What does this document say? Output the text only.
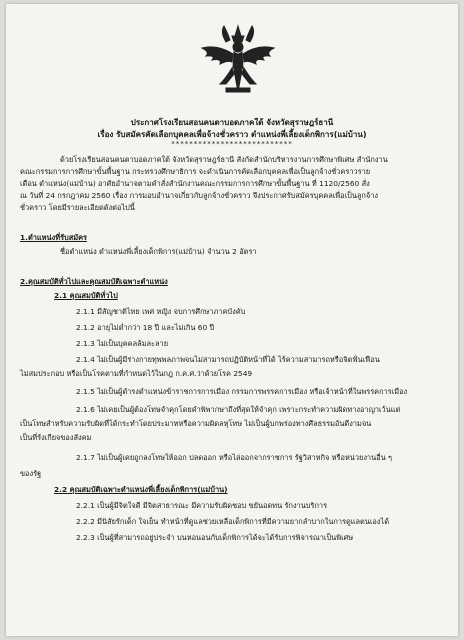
ประกาศโรงเรียนสอนคนตาบอดภาคใต้ จังหวัดสุราษฎร์ธานี
เรื่อง รับสมัครคัดเลือกบุคคลเพื่อจ้างชั่วคราว ตำแหน่งพี่เลี้ยงเด็กพิการ(แม่บ้าน)
***************************
ด้วยโรงเรียนสอนคนตาบอดภาคใต้ จังหวัดสุราษฎร์ธานี สังกัดสำนักบริหารงานการศึกษาพิเศษ สำนักงาน
คณะกรรมการการศึกษาขั้นพื้นฐาน กระทรวงศึกษาธิการ จะดำเนินการคัดเลือกบุคคลเพื่อเป็นลูกจ้างชั่วคราวราย
เดือน ตำแหน่ง(แม่บ้าน) อาศัยอำนาจตามคำสั่งสำนักงานคณะกรรมการการศึกษาขั้นพื้นฐาน ที่ 1120/2560 สั่ง
ณ วันที่ 24 กรกฎาคม 2560 เรื่อง การมอบอำนาจเกี่ยวกับลูกจ้างชั่วคราว จึงประกาศรับสมัครบุคคลเพื่อเป็นลูกจ้าง
ชั่วคราว โดยมีรายละเอียดดังต่อไปนี้
1.ตำแหน่งที่รับสมัคร
ชื่อตำแหน่ง ตำแหน่งพี่เลี้ยงเด็กพิการ(แม่บ้าน) จำนวน 2 อัตรา
2.คุณสมบัติทั่วไปและคุณสมบัติเฉพาะตำแหน่ง
2.1 คุณสมบัติทั่วไป
2.1.1 มีสัญชาติไทย เพศ หญิง จบการศึกษาภาคบังคับ
2.1.2 อายุไม่ต่ำกว่า 18 ปี และไม่เกิน 60 ปี
2.1.3 ไม่เป็นบุคคลล้มละลาย
2.1.4 ไม่เป็นผู้มีร่างกายทุพพลภาพจนไม่สามารถปฏิบัติหน้าที่ได้ ไร้ความสามารถหรือจิตฟั่นเฟือน
ไม่สมประกอบ หรือเป็นโรคตามที่กำหนดไว้ในกฎ ก.ค.ศ.ว่าด้วยโรค 2549
2.1.5 ไม่เป็นผู้ดำรงตำแหน่งข้าราชการการเมือง กรรมการพรรคการเมือง หรือเจ้าหน้าที่ในพรรคการเมือง
2.1.6 ไม่เคยเป็นผู้ต้องโทษจำคุกโดยคำพิพากษาถึงที่สุดให้จำคุก เพราะกระทำความผิดทางอาญาเว้นแต่
เป็นโทษสำหรับความรับผิดที่ได้กระทำโดยประมาทหรือความผิดลหุโทษ ไม่เป็นผู้บกพร่องทางศีลธรรมอันดีงามจน
เป็นที่รังเกียจของสังคม
2.1.7 ไม่เป็นผู้เคยถูกลงโทษให้ออก ปลดออก หรือไล่ออกจากราชการ รัฐวิสาหกิจ หรือหน่วยงานอื่น ๆ
ของรัฐ
2.2 คุณสมบัติเฉพาะตำแหน่งพี่เลี้ยงเด็กพิการ(แม่บ้าน)
2.2.1 เป็นผู้มีจิตใจดี มีจิตสาธารณะ มีความรับผิดชอบ ขยันอดทน รักงานบริการ
2.2.2 มีนิสัยรักเด็ก ใจเย็น ทำหน้าที่ดูแลช่วยเหลือเด็กพิการที่มีความยากลำบากในการดูแลตนเองได้
2.2.3 เป็นผู้ที่สามารถอยู่ประจำ บนหอนอนกับเด็กพิการได้จะได้รับการพิจารณาเป็นพิเศษ
